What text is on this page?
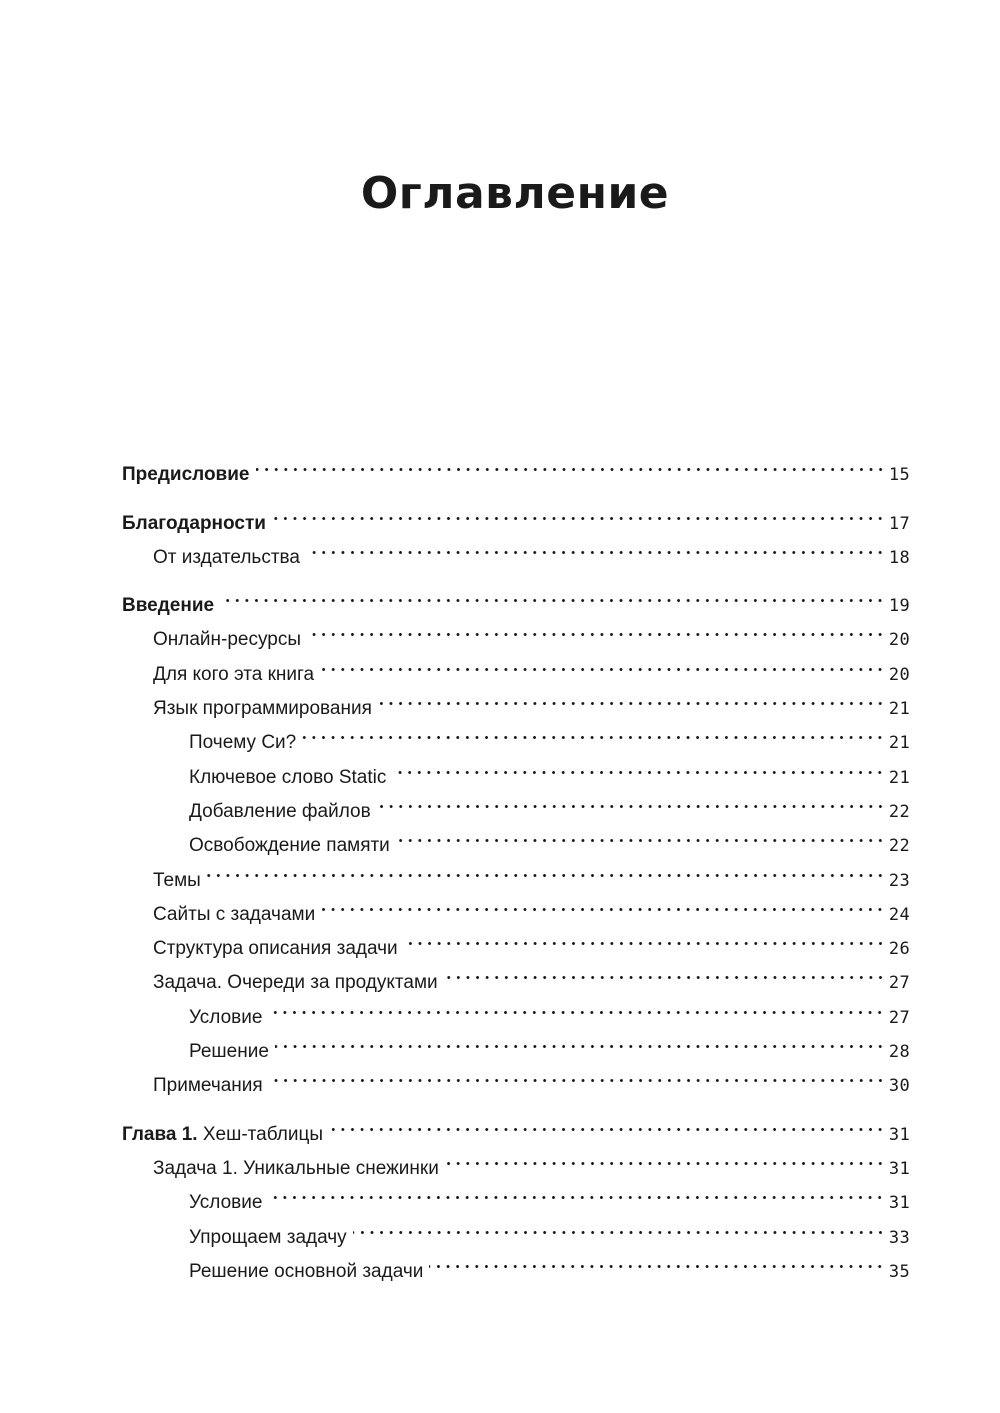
Оглавление
Предисловие	15
Благодарности	17
От издательства	18
Введение	19
Онлайн-ресурсы	20
Для кого эта книга	20
Язык программирования	21
Почему Си?	21
Ключевое слово Static	21
Добавление файлов	22
Освобождение памяти	22
Темы	23
Сайты с задачами	24
Структура описания задачи	26
Задача. Очереди за продуктами	27
Условие	27
Решение	28
Примечания	30
Глава 1. Хеш-таблицы	31
Задача 1. Уникальные снежинки	31
Условие	31
Упрощаем задачу	33
Решение основной задачи	35
